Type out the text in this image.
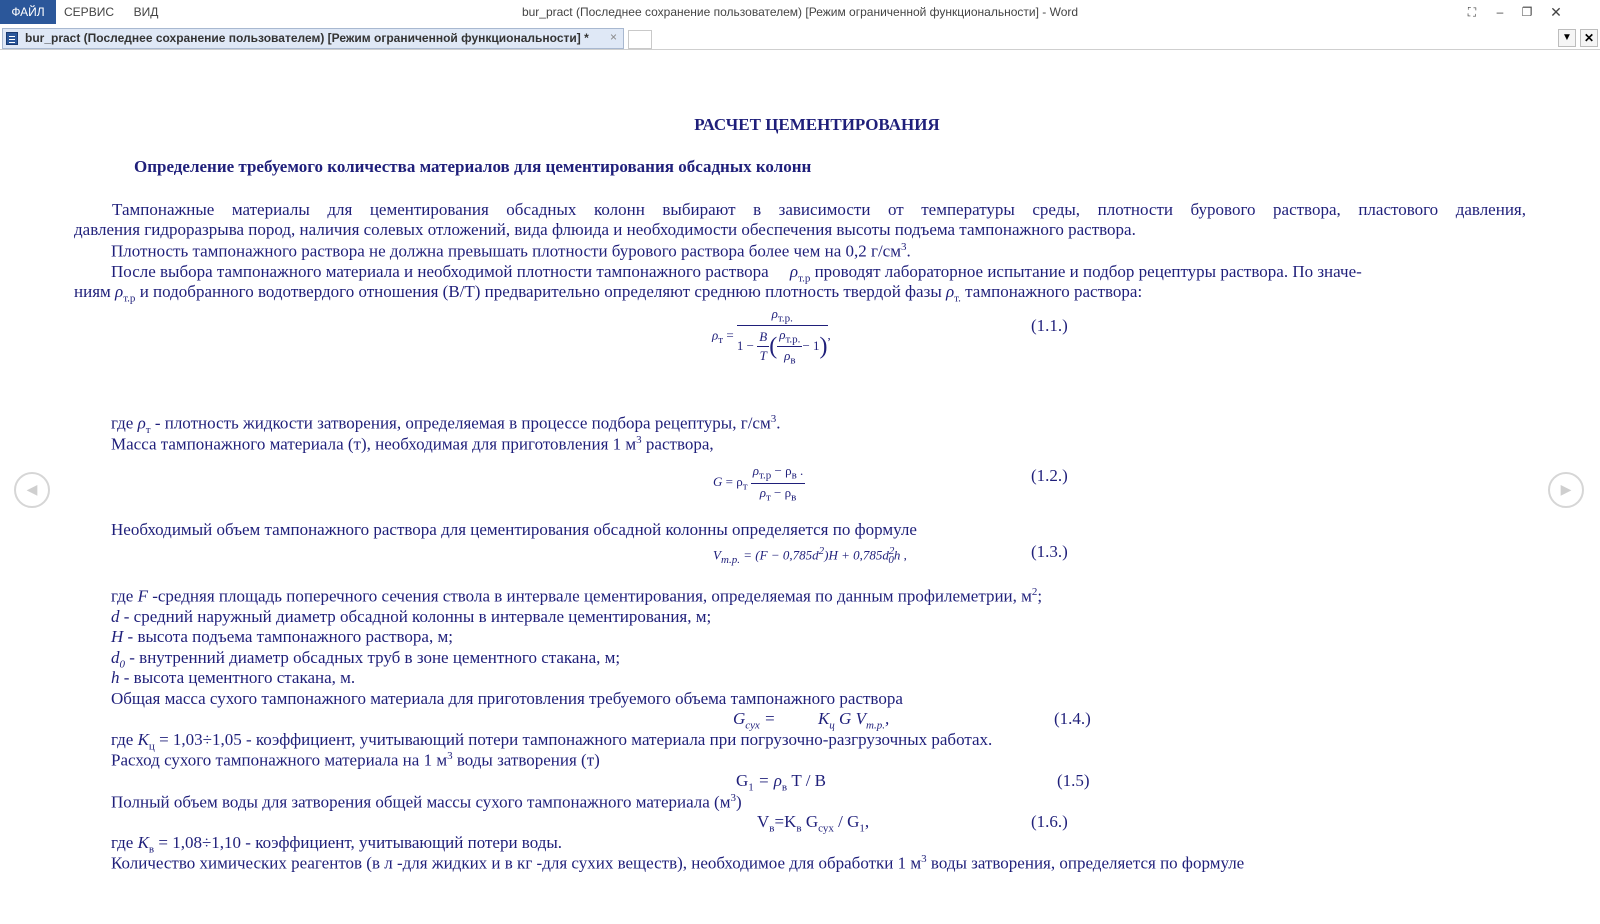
ФАЙЛ	СЕРВИС	ВИД	bur_pract (Последнее сохранение пользователем) [Режим ограниченной функциональности] - Word	⛶	–	❐	✕
bur_pract (Последнее сохранение пользователем) [Режим ограниченной функциональности] * ×	▼	✕
◀	▶
РАСЧЕТ ЦЕМЕНТИРОВАНИЯ
Определение требуемого количества материалов для цементирования обсадных колонн
Тампонажные материалы для цементирования обсадных колонн выбирают в зависимости от температуры среды, плотности бурового раствора, пластового давления,
давления гидроразрыва пород, наличия солевых отложений, вида флюида и необходимости обеспечения высоты подъема тампонажного раствора.
Плотность тампонажного раствора не должна превышать плотности бурового раствора более чем на 0,2 $г/см^3$.
После выбора тампонажного материала и необходимой плотности тампонажного раствора $\rho_{т.р}$ проводят лабораторное испытание и подбор рецептуры раствора. По значе-
ниям $\rho_{т.р}$ и подобранного водотвердого отношения (В/Т) предварительно определяют среднюю плотность твердой фазы $\rho_{т.}$ тампонажного раствора:
$\rho_т = \frac{\rho_{т.р.}}{1 - \frac{B}{T} ( \frac{\rho_{т.р.}}{\rho_в} - 1)}$ ,	(1.1.)
где $\rho_т$ - плотность жидкости затворения, определяемая в процессе подбора рецептуры, $г/см^3$.
Масса тампонажного материала (т), необходимая для приготовления 1 $м^3$ раствора,
$G = \rho_т \frac{\rho_{т.р} - \rho_в .}{\rho_т - \rho_в}$	(1.2.)
Необходимый объем тампонажного раствора для цементирования обсадной колонны определяется по формуле
$V_{т.р.} = (F - 0,785d^2)H + 0,785d^2_0h$ ,	(1.3.)
где F -средняя площадь поперечного сечения ствола в интервале цементирования, определяемая по данным профилеметрии, $м^2$;
d - средний наружный диаметр обсадной колонны в интервале цементирования, м;
H - высота подъема тампонажного раствора, м;
$d_0$ - внутренний диаметр обсадных труб в зоне цементного стакана, м;
h - высота цементного стакана, м.
Общая масса сухого тампонажного материала для приготовления требуемого объема тампонажного раствора
$G_{сух}$ =	$K_ц$ G $V_{т.р.}$,	(1.4.)
где $K_ц = 1,03\div 1,05$ - коэффициент, учитывающий потери тампонажного материала при погрузочно-разгрузочных работах.
Расход сухого тампонажного материала на 1 $м^3$ воды затворения (т)
$G_1 = \rho_в$ T / B	(1.5)
Полный объем воды для затворения общей массы сухого тампонажного материала $(м^3)$
$V_в=K_в$ $G_{сух} / G_1$,	(1.6.)
где $K_в = 1,08\div 1,10$ - коэффициент, учитывающий потери воды.
Количество химических реагентов (в л -для жидких и в кг -для сухих веществ), необходимое для обработки 1 $м^3$ воды затворения, определяется по формуле
